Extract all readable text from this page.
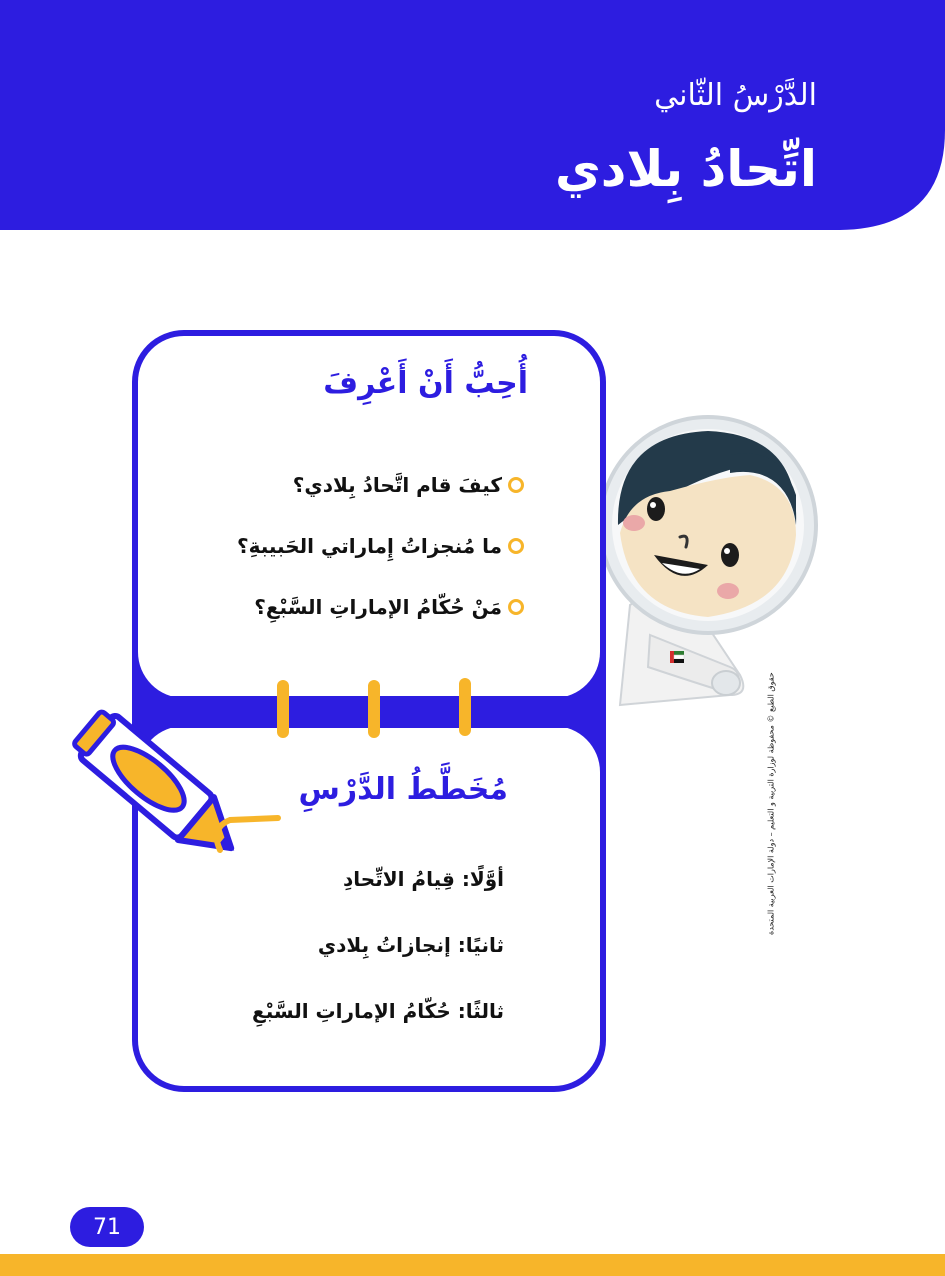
الدَّرْسُ الثّاني
اتِّحادُ بِلادي
أُحِبُّ أَنْ أَعْرِفَ
كيفَ قام اتَّحادُ بِلادي؟
ما مُنجزاتُ إِماراتي الحَبيبةِ؟
مَنْ حُكّامُ الإماراتِ السَّبْعِ؟
مُخَطَّطُ الدَّرْسِ
أوَّلًا: قِيامُ الاتِّحادِ
ثانيًا: إنجازاتُ بِلادي
ثالثًا: حُكّامُ الإماراتِ السَّبْعِ
حقوق الطبع © محفوظة لوزارة التربية و التعليم – دولة الإمارات العربية المتحدة
71
